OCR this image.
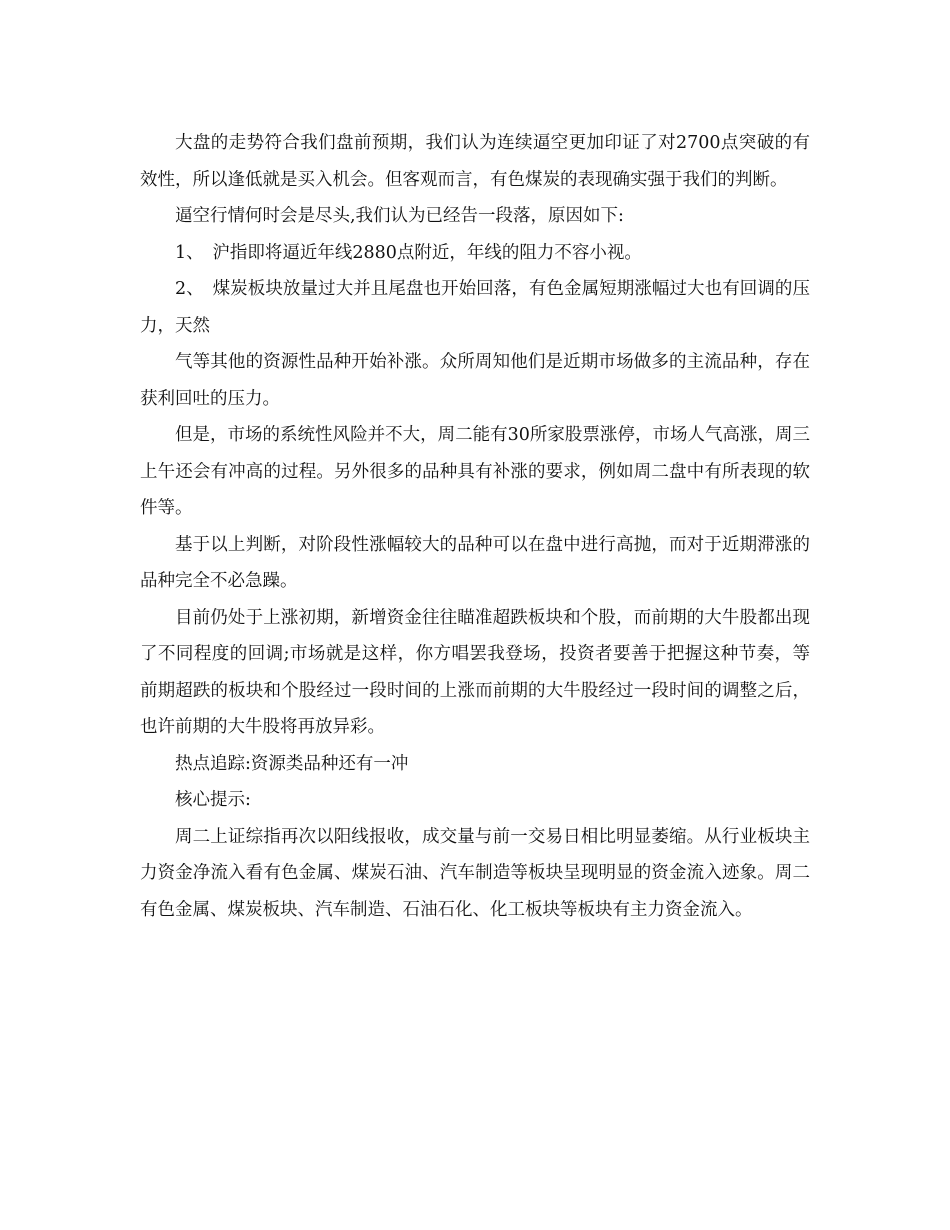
大盘的走势符合我们盘前预期，我们认为连续逼空更加印证了对2700点突破的有效性，所以逢低就是买入机会。但客观而言，有色煤炭的表现确实强于我们的判断。

逼空行情何时会是尽头,我们认为已经告一段落，原因如下:

1、　沪指即将逼近年线2880点附近，年线的阻力不容小视。

2、　煤炭板块放量过大并且尾盘也开始回落，有色金属短期涨幅过大也有回调的压力，天然

气等其他的资源性品种开始补涨。众所周知他们是近期市场做多的主流品种，存在获利回吐的压力。

但是，市场的系统性风险并不大，周二能有30所家股票涨停，市场人气高涨，周三上午还会有冲高的过程。另外很多的品种具有补涨的要求，例如周二盘中有所表现的软件等。

基于以上判断，对阶段性涨幅较大的品种可以在盘中进行高抛，而对于近期滞涨的品种完全不必急躁。

目前仍处于上涨初期，新增资金往往瞄准超跌板块和个股，而前期的大牛股都出现了不同程度的回调;市场就是这样，你方唱罢我登场，投资者要善于把握这种节奏，等前期超跌的板块和个股经过一段时间的上涨而前期的大牛股经过一段时间的调整之后，也许前期的大牛股将再放异彩。

热点追踪:资源类品种还有一冲

核心提示:

周二上证综指再次以阳线报收，成交量与前一交易日相比明显萎缩。从行业板块主力资金净流入看有色金属、煤炭石油、汽车制造等板块呈现明显的资金流入迹象。周二有色金属、煤炭板块、汽车制造、石油石化、化工板块等板块有主力资金流入。
